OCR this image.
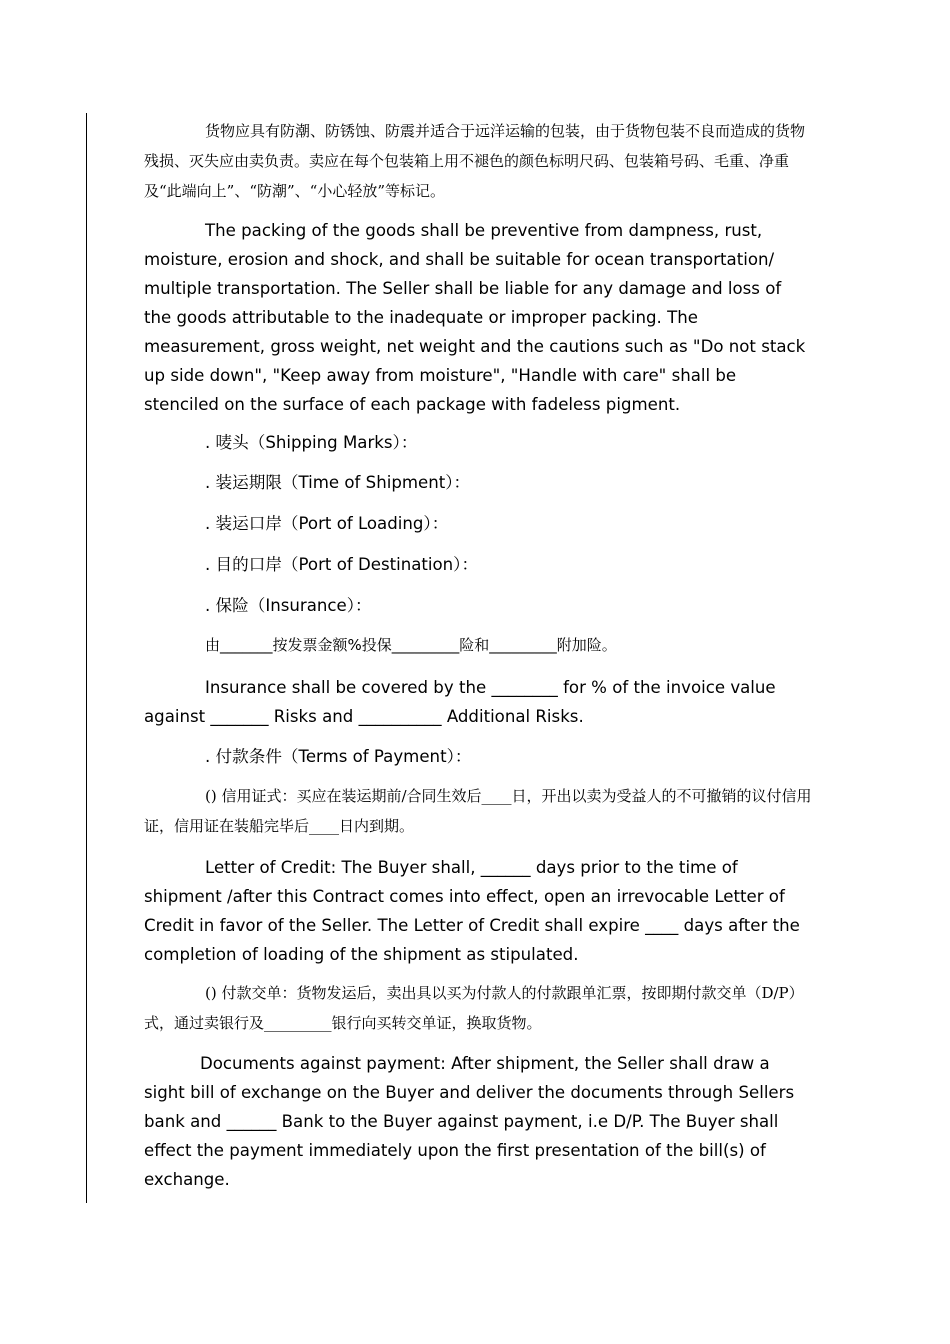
货物应具有防潮、防锈蚀、防震并适合于远洋运输的包装，由于货物包装不良而造成的货物残损、灭失应由卖负责。卖应在每个包装箱上用不褪色的颜色标明尺码、包装箱号码、毛重、净重及“此端向上”、“防潮”、“小心轻放”等标记。

The packing of the goods shall be preventive from dampness, rust, moisture, erosion and shock, and shall be suitable for ocean transportation/ multiple transportation. The Seller shall be liable for any damage and loss of the goods attributable to the inadequate or improper packing. The measurement, gross weight, net weight and the cautions such as "Do not stack up side down", "Keep away from moisture", "Handle with care" shall be stenciled on the surface of each package with fadeless pigment.

. 唛头（Shipping Marks）：

. 装运期限（Time of Shipment）：

. 装运口岸（Port of Loading）：

. 目的口岸（Port of Destination）：

. 保险（Insurance）：

由_______按发票金额%投保_________险和_________附加险。

Insurance shall be covered by the ________ for % of the invoice value against _______ Risks and __________ Additional Risks.

. 付款条件（Terms of Payment）：

() 信用证式：买应在装运期前/合同生效后____日，开出以卖为受益人的不可撤销的议付信用证，信用证在装船完毕后____日内到期。

Letter of Credit: The Buyer shall, ______ days prior to the time of shipment /after this Contract comes into effect, open an irrevocable Letter of Credit in favor of the Seller. The Letter of Credit shall expire ____ days after the completion of loading of the shipment as stipulated.

() 付款交单：货物发运后，卖出具以买为付款人的付款跟单汇票，按即期付款交单（D/P）式，通过卖银行及_________银行向买转交单证，换取货物。

Documents against payment: After shipment, the Seller shall draw a sight bill of exchange on the Buyer and deliver the documents through Sellers bank and ______ Bank to the Buyer against payment, i.e D/P. The Buyer shall effect the payment immediately upon the first presentation of the bill(s) of exchange.
